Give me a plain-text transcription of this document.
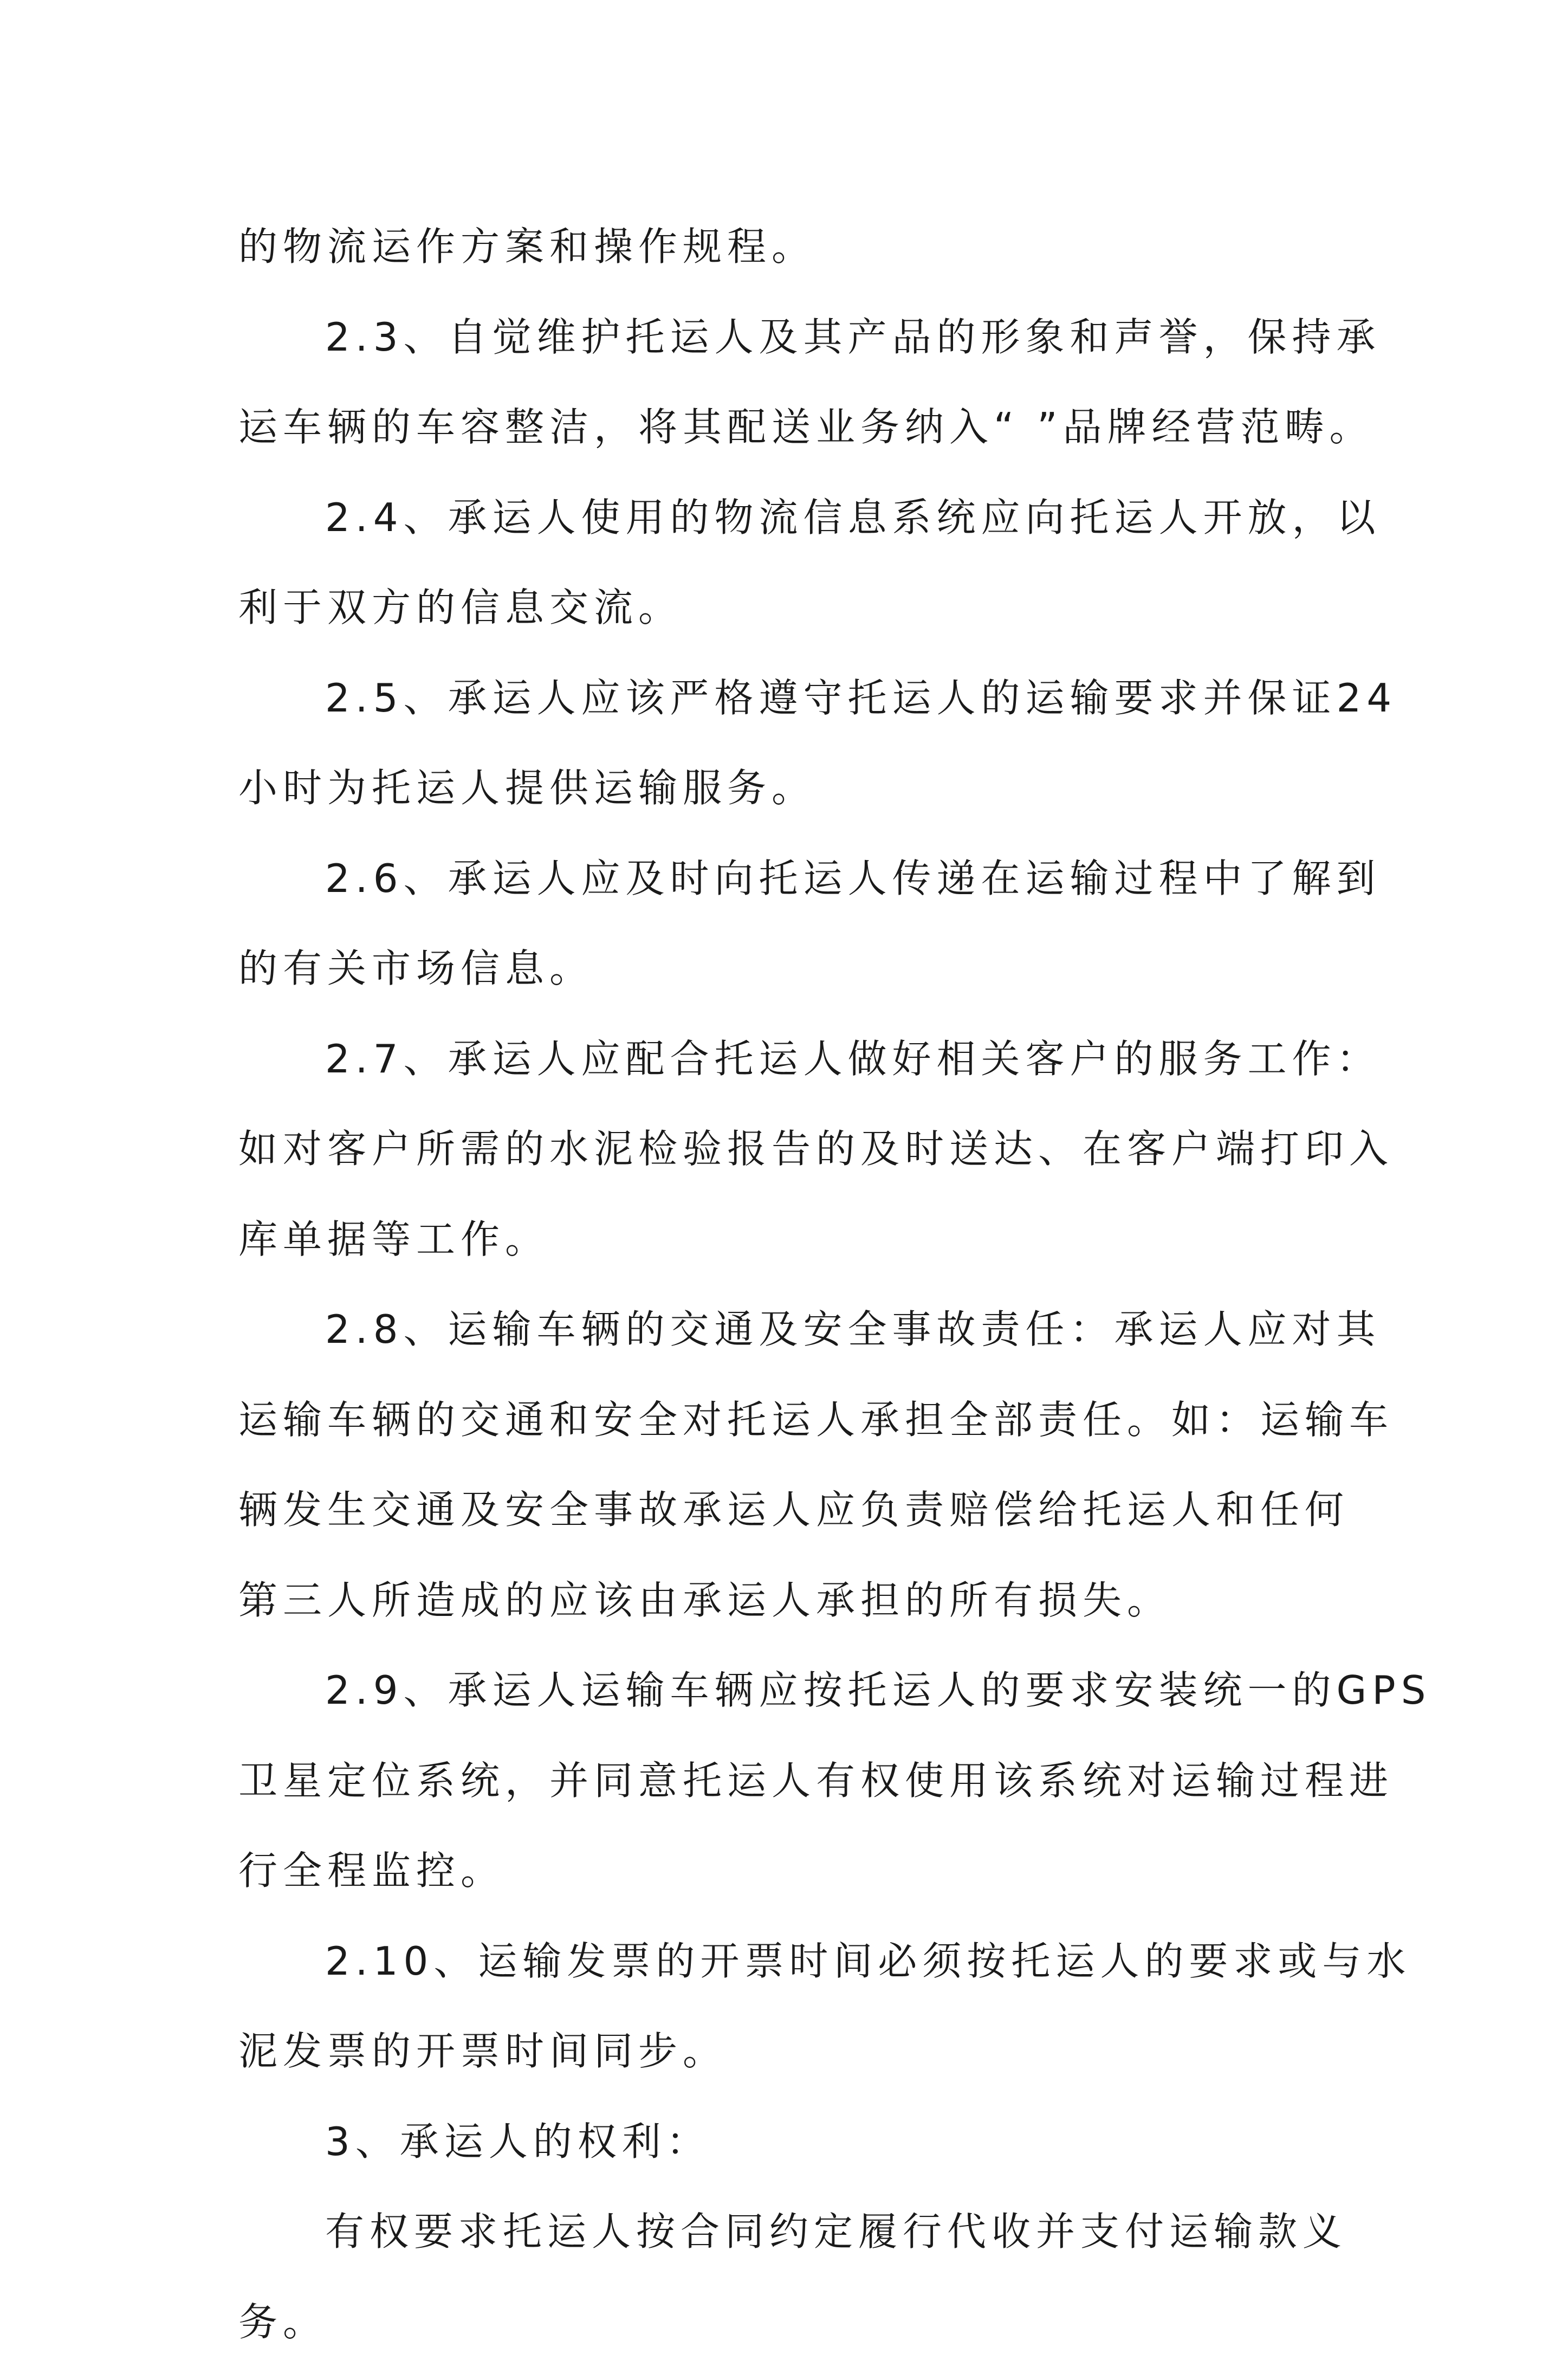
的物流运作方案和操作规程。
2.3、自觉维护托运人及其产品的形象和声誉，保持承
运车辆的车容整洁，将其配送业务纳入“ ”品牌经营范畴。
2.4、承运人使用的物流信息系统应向托运人开放，以
利于双方的信息交流。
2.5、承运人应该严格遵守托运人的运输要求并保证24
小时为托运人提供运输服务。
2.6、承运人应及时向托运人传递在运输过程中了解到
的有关市场信息。
2.7、承运人应配合托运人做好相关客户的服务工作：
如对客户所需的水泥检验报告的及时送达、在客户端打印入
库单据等工作。
2.8、运输车辆的交通及安全事故责任：承运人应对其
运输车辆的交通和安全对托运人承担全部责任。如：运输车
辆发生交通及安全事故承运人应负责赔偿给托运人和任何
第三人所造成的应该由承运人承担的所有损失。
2.9、承运人运输车辆应按托运人的要求安装统一的GPS
卫星定位系统，并同意托运人有权使用该系统对运输过程进
行全程监控。
2.10、运输发票的开票时间必须按托运人的要求或与水
泥发票的开票时间同步。
3、承运人的权利：
有权要求托运人按合同约定履行代收并支付运输款义
务。
